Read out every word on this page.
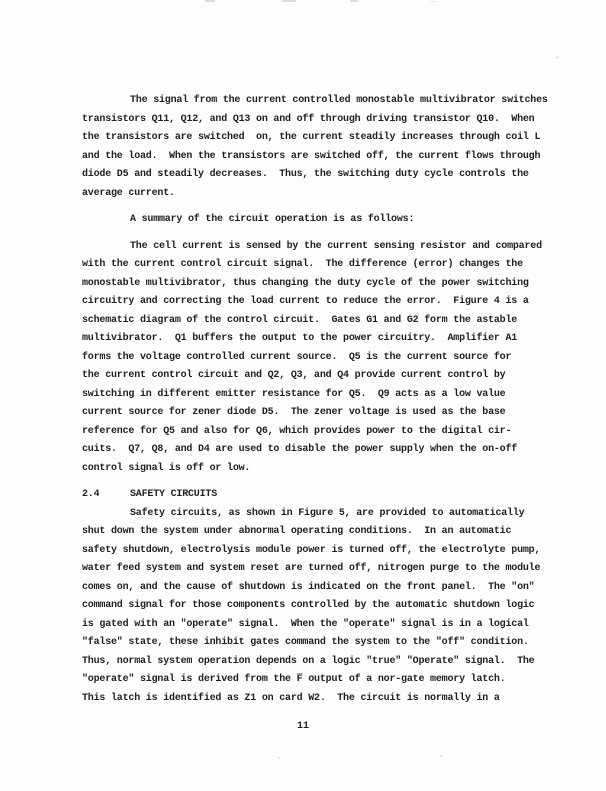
The signal from the current controlled monostable multivibrator switches
transistors Q11, Q12, and Q13 on and off through driving transistor Q10.  When
the transistors are switched  on, the current steadily increases through coil L
and the load.  When the transistors are switched off, the current flows through
diode D5 and steadily decreases.  Thus, the switching duty cycle controls the
average current.
A summary of the circuit operation is as follows:
The cell current is sensed by the current sensing resistor and compared
with the current control circuit signal.  The difference (error) changes the
monostable multivibrator, thus changing the duty cycle of the power switching
circuitry and correcting the load current to reduce the error.  Figure 4 is a
schematic diagram of the control circuit.  Gates G1 and G2 form the astable
multivibrator.  Q1 buffers the output to the power circuitry.  Amplifier A1
forms the voltage controlled current source.  Q5 is the current source for
the current control circuit and Q2, Q3, and Q4 provide current control by
switching in different emitter resistance for Q5.  Q9 acts as a low value
current source for zener diode D5.  The zener voltage is used as the base
reference for Q5 and also for Q6, which provides power to the digital cir-
cuits.  Q7, Q8, and D4 are used to disable the power supply when the on-off
control signal is off or low.
2.4	SAFETY CIRCUITS
Safety circuits, as shown in Figure 5, are provided to automatically
shut down the system under abnormal operating conditions.  In an automatic
safety shutdown, electrolysis module power is turned off, the electrolyte pump,
water feed system and system reset are turned off, nitrogen purge to the module
comes on, and the cause of shutdown is indicated on the front panel.  The "on"
command signal for those components controlled by the automatic shutdown logic
is gated with an "operate" signal.  When the "operate" signal is in a logical
"false" state, these inhibit gates command the system to the "off" condition.
Thus, normal system operation depends on a logic "true" "Operate" signal.  The
"operate" signal is derived from the F̅ output of a nor-gate memory latch.
This latch is identified as Z1 on card W2.  The circuit is normally in a
11
